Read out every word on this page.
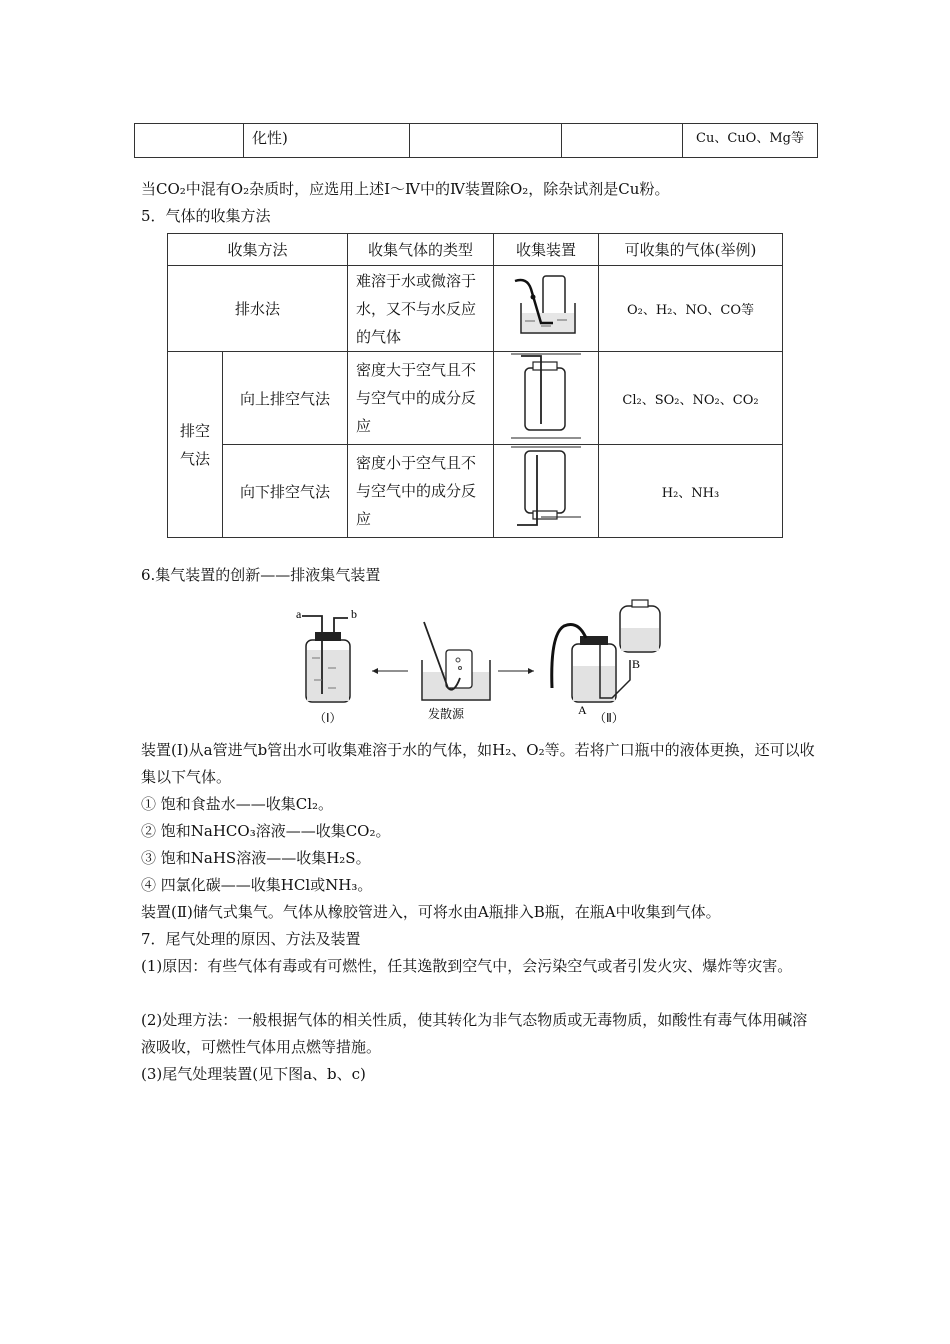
	化性)			Cu、CuO、Mg等
当CO₂中混有O₂杂质时，应选用上述Ⅰ～Ⅳ中的Ⅳ装置除O₂，除杂试剂是Cu粉。
5．气体的收集方法
收集方法		收集气体的类型	收集装置	可收集的气体(举例)
排水法		难溶于水或微溶于水，又不与水反应的气体		O₂、H₂、NO、CO等

排空气法	向上排空气法	密度大于空气且不与空气中的成分反应		Cl₂、SO₂、NO₂、CO₂
	向下排空气法	密度小于空气且不与空气中的成分反应		H₂、NH₃
6.集气装置的创新——排液集气装置
a	b
（Ⅰ）	发散源	A
B
（Ⅱ）
装置(Ⅰ)从a管进气b管出水可收集难溶于水的气体，如H₂、O₂等。若将广口瓶中的液体更换，还可以收集以下气体。
① 饱和食盐水——收集Cl₂。
② 饱和NaHCO₃溶液——收集CO₂。
③ 饱和NaHS溶液——收集H₂S。
④ 四氯化碳——收集HCl或NH₃。
装置(Ⅱ)储气式集气。气体从橡胶管进入，可将水由A瓶排入B瓶，在瓶A中收集到气体。
7．尾气处理的原因、方法及装置
(1)原因：有些气体有毒或有可燃性，任其逸散到空气中，会污染空气或者引发火灾、爆炸等灾害。
(2)处理方法：一般根据气体的相关性质，使其转化为非气态物质或无毒物质，如酸性有毒气体用碱溶液吸收，可燃性气体用点燃等措施。
(3)尾气处理装置(见下图a、b、c)
